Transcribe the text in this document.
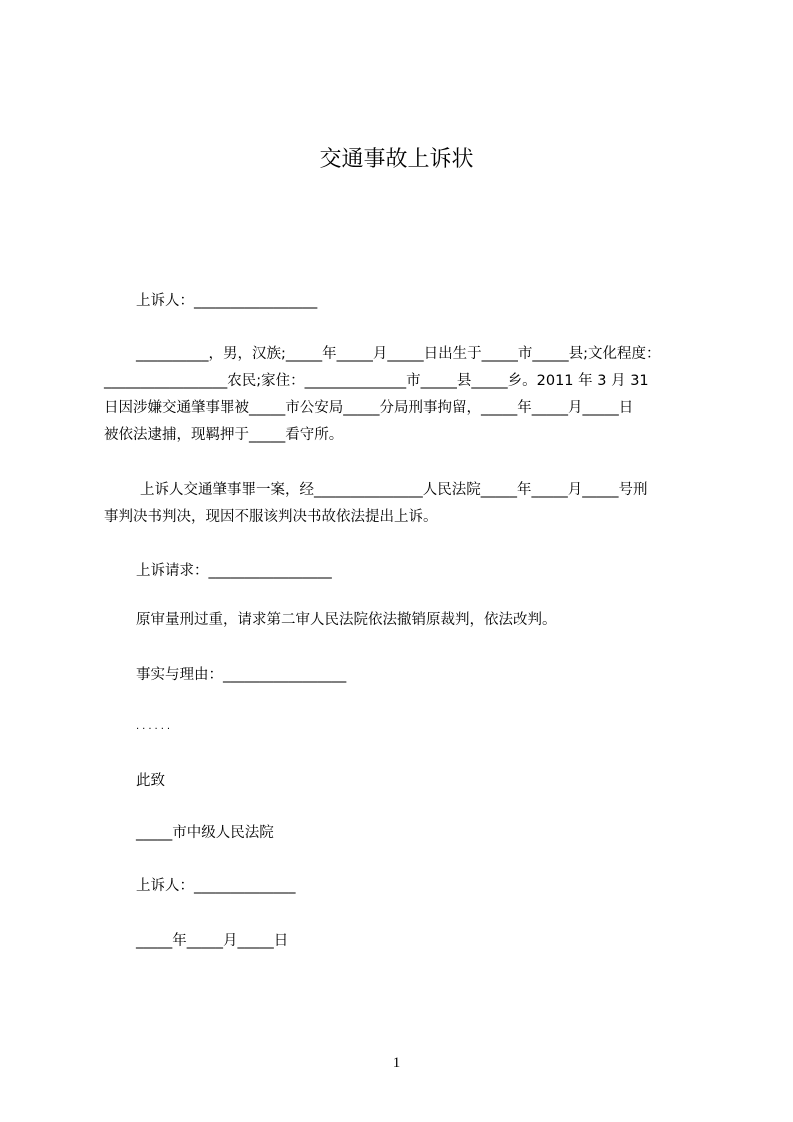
交通事故上诉状
上诉人：_________________
__________，男，汉族;_____年_____月_____日出生于_____市_____县;文化程度：
_________________农民;家住：______________市_____县_____乡。2011 年 3 月 31
日因涉嫌交通肇事罪被_____市公安局_____分局刑事拘留，_____年_____月_____日
被依法逮捕，现羁押于_____看守所。
上诉人交通肇事罪一案，经_______________人民法院_____年_____月_____号刑
事判决书判决，现因不服该判决书故依法提出上诉。
上诉请求：_________________
原审量刑过重，请求第二审人民法院依法撤销原裁判，依法改判。
事实与理由：_________________
......
此致
_____市中级人民法院
上诉人：______________
_____年_____月_____日
1
